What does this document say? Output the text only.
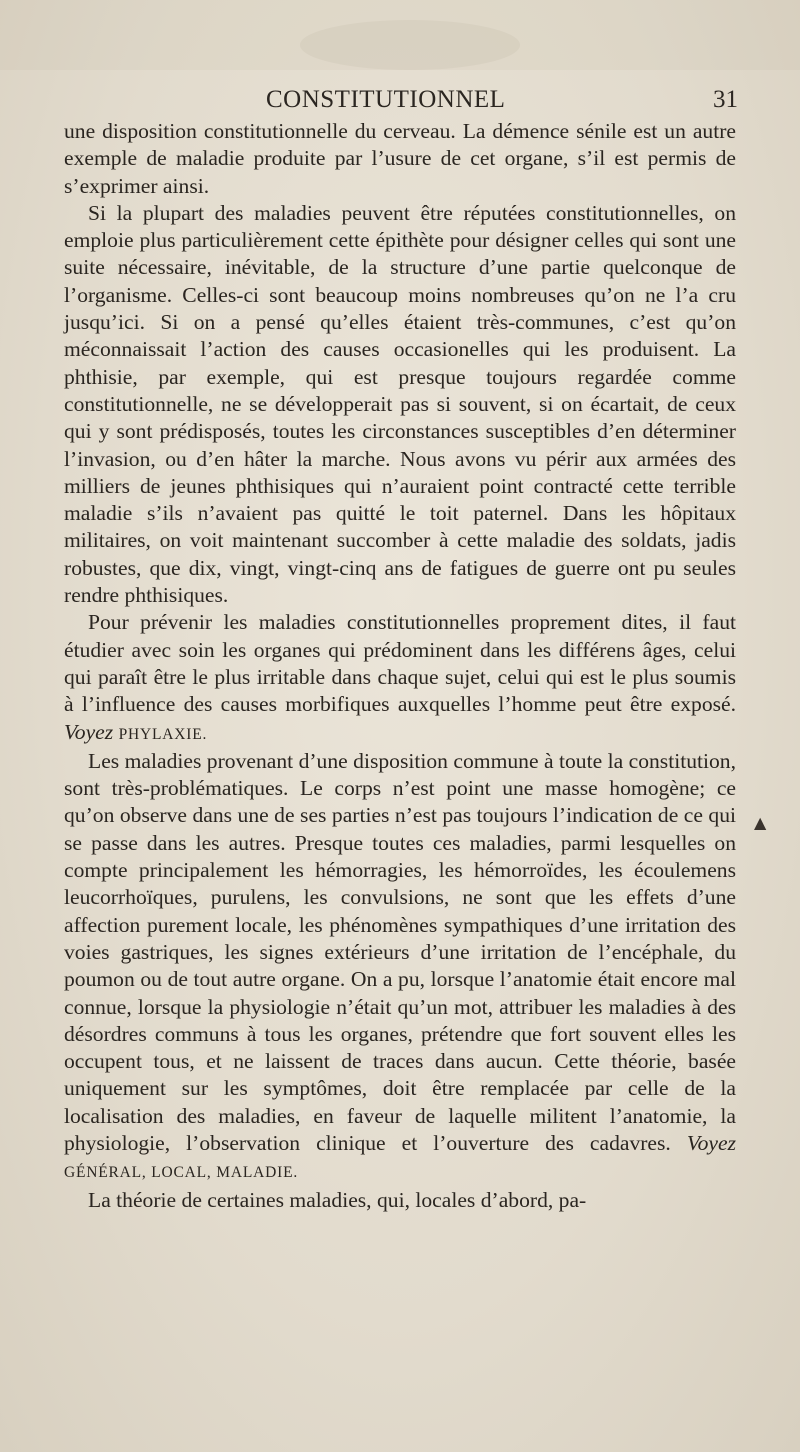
CONSTITUTIONNEL	31

une disposition constitutionnelle du cerveau. La démence sénile est un autre exemple de maladie produite par l’usure de cet organe, s’il est permis de s’exprimer ainsi.

Si la plupart des maladies peuvent être réputées constitutionnelles, on emploie plus particulièrement cette épithète pour désigner celles qui sont une suite nécessaire, inévitable, de la structure d’une partie quelconque de l’organisme. Celles-ci sont beaucoup moins nombreuses qu’on ne l’a cru jusqu’ici. Si on a pensé qu’elles étaient très-communes, c’est qu’on méconnaissait l’action des causes occasionelles qui les produisent. La phthisie, par exemple, qui est presque toujours regardée comme constitutionnelle, ne se développerait pas si souvent, si on écartait, de ceux qui y sont prédisposés, toutes les circonstances susceptibles d’en déterminer l’invasion, ou d’en hâter la marche. Nous avons vu périr aux armées des milliers de jeunes phthisiques qui n’auraient point contracté cette terrible maladie s’ils n’avaient pas quitté le toit paternel. Dans les hôpitaux militaires, on voit maintenant succomber à cette maladie des soldats, jadis robustes, que dix, vingt, vingt-cinq ans de fatigues de guerre ont pu seules rendre phthisiques.

Pour prévenir les maladies constitutionnelles proprement dites, il faut étudier avec soin les organes qui prédominent dans les différens âges, celui qui paraît être le plus irritable dans chaque sujet, celui qui est le plus soumis à l’influence des causes morbifiques auxquelles l’homme peut être exposé. Voyez PHYLAXIE.

Les maladies provenant d’une disposition commune à toute la constitution, sont très-problématiques. Le corps n’est point une masse homogène; ce qu’on observe dans une de ses parties n’est pas toujours l’indication de ce qui se passe dans les autres. Presque toutes ces maladies, parmi lesquelles on compte principalement les hémorragies, les hémorroïdes, les écoulemens leucorrhoïques, purulens, les convulsions, ne sont que les effets d’une affection purement locale, les phénomènes sympathiques d’une irritation des voies gastriques, les signes extérieurs d’une irritation de l’encéphale, du poumon ou de tout autre organe. On a pu, lorsque l’anatomie était encore mal connue, lorsque la physiologie n’était qu’un mot, attribuer les maladies à des désordres communs à tous les organes, prétendre que fort souvent elles les occupent tous, et ne laissent de traces dans aucun. Cette théorie, basée uniquement sur les symptômes, doit être remplacée par celle de la localisation des maladies, en faveur de laquelle militent l’anatomie, la physiologie, l’observation clinique et l’ouverture des cadavres. Voyez GÉNÉRAL, LOCAL, MALADIE.

La théorie de certaines maladies, qui, locales d’abord, pa-

▲
